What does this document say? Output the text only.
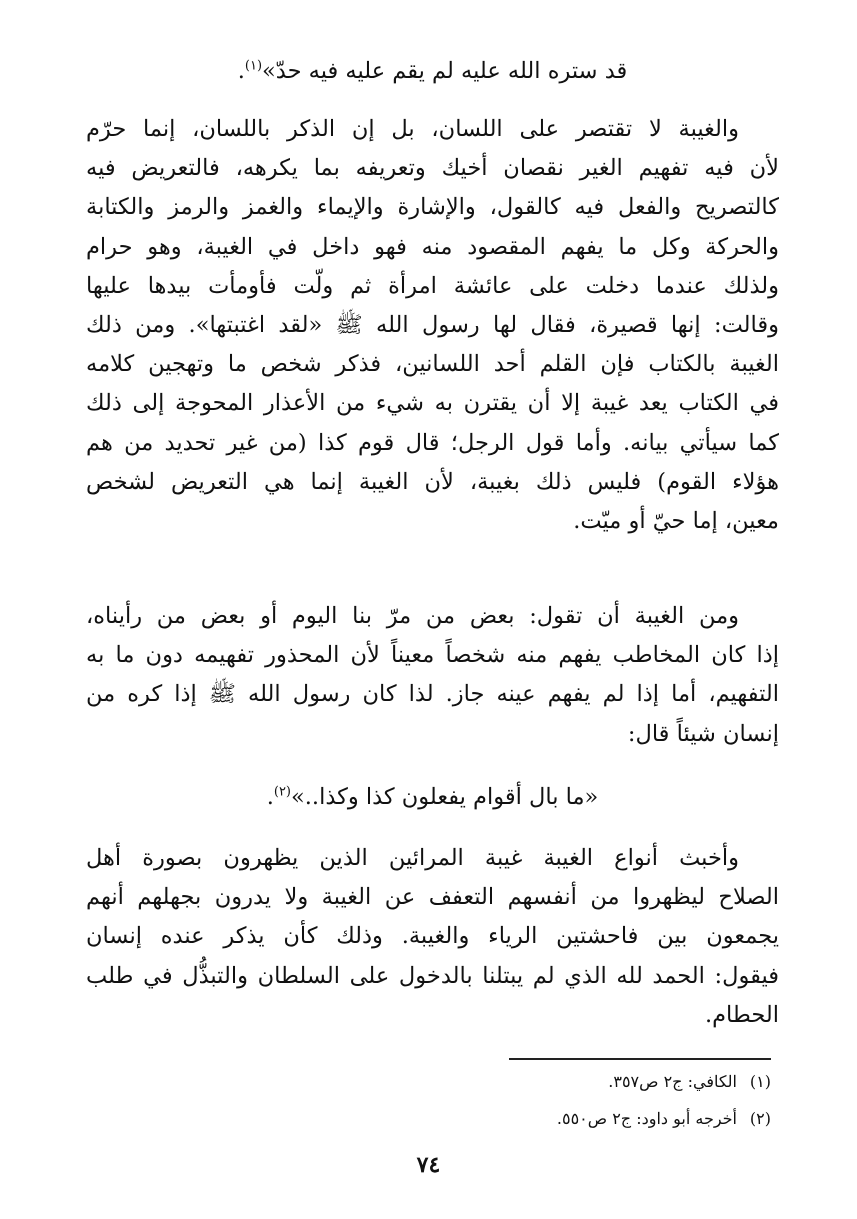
قد ستره الله عليه لم يقم عليه فيه حدّ»$^{(١)}$.
والغيبة لا تقتصر على اللسان، بل إن الذكر باللسان، إنما حرّم
لأن فيه تفهيم الغير نقصان أخيك وتعريفه بما يكرهه، فالتعريض فيه
كالتصريح والفعل فيه كالقول، والإشارة والإيماء والغمز والرمز والكتابة
والحركة وكل ما يفهم المقصود منه فهو داخل في الغيبة، وهو حرام
ولذلك عندما دخلت على عائشة امرأة ثم ولّت فأومأت بيدها عليها
وقالت: إنها قصيرة، فقال لها رسول الله ﷺ «لقد اغتبتها». ومن ذلك
الغيبة بالكتاب فإن القلم أحد اللسانين، فذكر شخص ما وتهجين كلامه
في الكتاب يعد غيبة إلا أن يقترن به شيء من الأعذار المحوجة إلى ذلك
كما سيأتي بيانه. وأما قول الرجل؛ قال قوم كذا (من غير تحديد من هم
هؤلاء القوم) فليس ذلك بغيبة، لأن الغيبة إنما هي التعريض لشخص
معين، إما حيّ أو ميّت.
ومن الغيبة أن تقول: بعض من مرّ بنا اليوم أو بعض من رأيناه،
إذا كان المخاطب يفهم منه شخصاً معيناً لأن المحذور تفهيمه دون ما به
التفهيم، أما إذا لم يفهم عينه جاز. لذا كان رسول الله ﷺ إذا كره من
إنسان شيئاً قال:
«ما بال أقوام يفعلون كذا وكذا..»$^{(٢)}$.
وأخبث أنواع الغيبة غيبة المرائين الذين يظهرون بصورة أهل
الصلاح ليظهروا من أنفسهم التعفف عن الغيبة ولا يدرون بجهلهم أنهم
يجمعون بين فاحشتين الرياء والغيبة. وذلك كأن يذكر عنده إنسان
فيقول: الحمد لله الذي لم يبتلنا بالدخول على السلطان والتبذُّل في طلب
الحطام.
(١)الكافي: ج٢ ص٣٥٧.
(٢)أخرجه أبو داود: ج٢ ص٥٥٠.
٧٤
